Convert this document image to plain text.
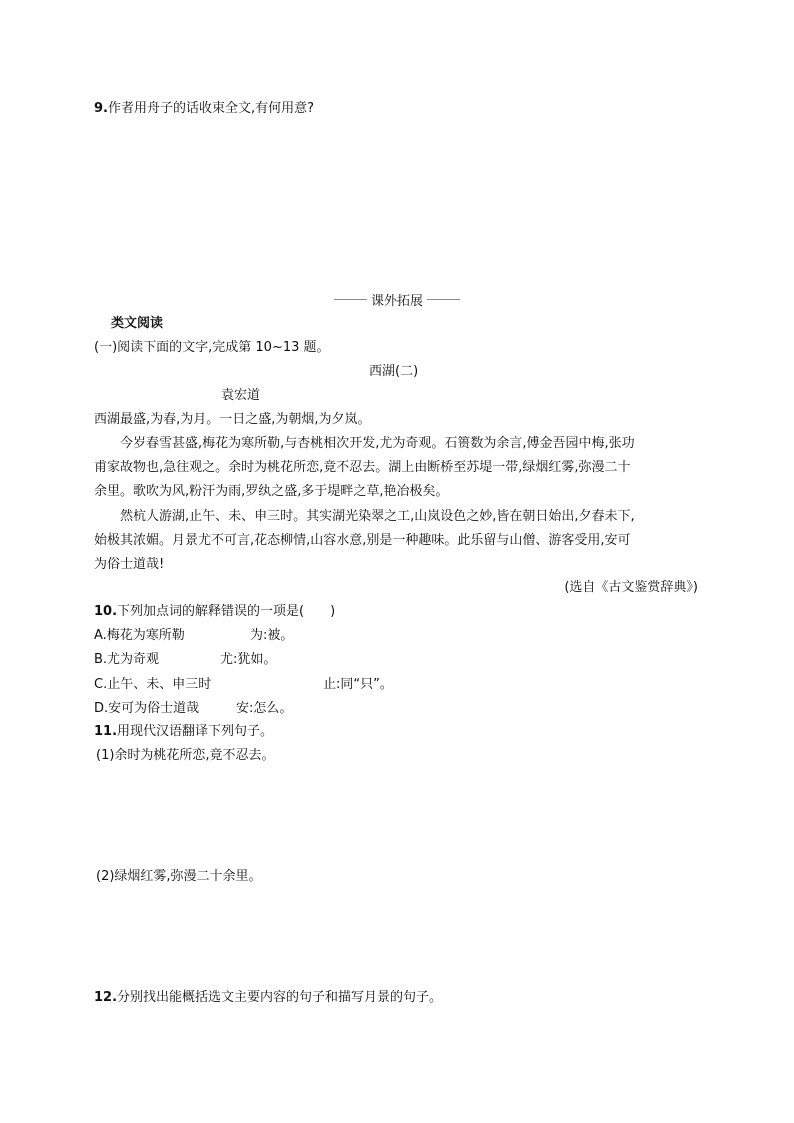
9.作者用舟子的话收束全文,有何用意?
课外拓展
类文阅读
(一)阅读下面的文字,完成第 10~13 题。
西湖(二)
袁宏道
西湖最盛,为春,为月。一日之盛,为朝烟,为夕岚。
今岁春雪甚盛,梅花为寒所勒,与杏桃相次开发,尤为奇观。石篑数为余言,傅金吾园中梅,张功
甫家故物也,急往观之。余时为桃花所恋,竟不忍去。湖上由断桥至苏堤一带,绿烟红雾,弥漫二十
余里。歌吹为风,粉汗为雨,罗纨之盛,多于堤畔之草,艳冶极矣。
然杭人游湖,止午、未、申三时。其实湖光染翠之工,山岚设色之妙,皆在朝日始出,夕舂未下,
始极其浓媚。月景尤不可言,花态柳情,山容水意,别是一种趣味。此乐留与山僧、游客受用,安可
为俗士道哉!
(选自《古文鉴赏辞典》)
10.下列加点词的解释错误的一项是(　　)
A.梅花为寒所勒	为:被。
B.尤为奇观	尤:犹如。
C.止午、未、申三时	止:同“只”。
D.安可为俗士道哉	安:怎么。
11.用现代汉语翻译下列句子。
(1)余时为桃花所恋,竟不忍去。
(2)绿烟红雾,弥漫二十余里。
12.分别找出能概括选文主要内容的句子和描写月景的句子。
